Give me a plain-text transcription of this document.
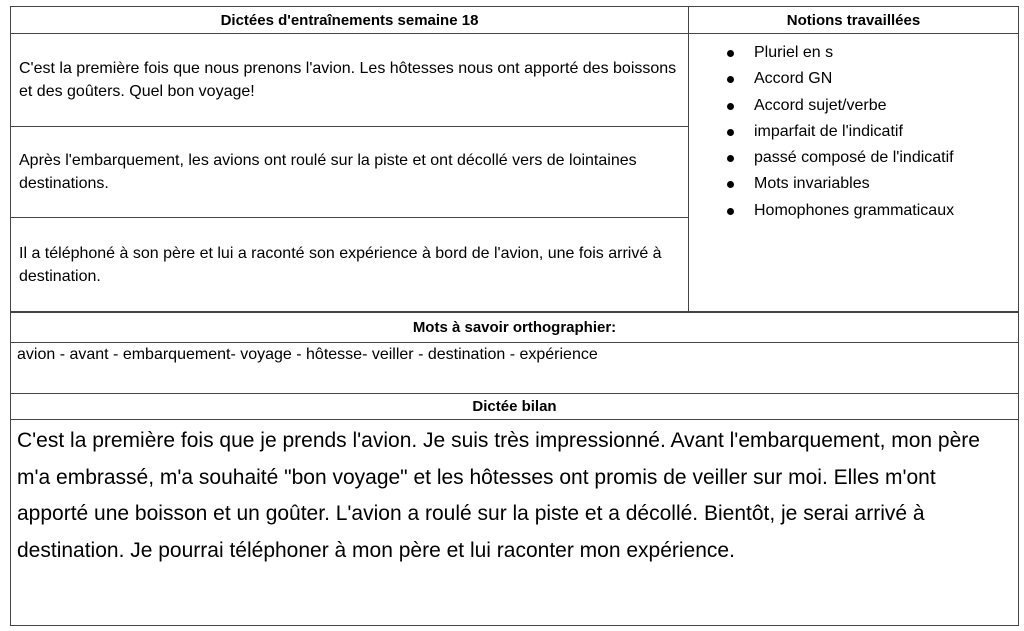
Dictées d'entraînements semaine 18	Notions travaillées
C'est la première fois que nous prenons l'avion. Les hôtesses nous ont apporté des boissons et des goûters. Quel bon voyage!
Après l'embarquement, les avions ont roulé sur la piste et ont décollé vers de lointaines destinations.
Il a téléphoné à son père et lui a raconté son expérience à bord de l'avion, une fois arrivé à destination.
Pluriel en s
Accord GN
Accord sujet/verbe
imparfait de l'indicatif
passé composé de l'indicatif
Mots invariables
Homophones grammaticaux
Mots à savoir orthographier:
avion - avant - embarquement- voyage - hôtesse- veiller - destination - expérience
Dictée bilan
C'est la première fois que je prends l'avion. Je suis très impressionné. Avant l'embarquement, mon père m'a embrassé, m'a souhaité "bon voyage" et les hôtesses ont promis de veiller sur moi. Elles m'ont apporté une boisson et un goûter. L'avion a roulé sur la piste et a décollé. Bientôt, je serai arrivé à destination. Je pourrai téléphoner à mon père et lui raconter mon expérience.
